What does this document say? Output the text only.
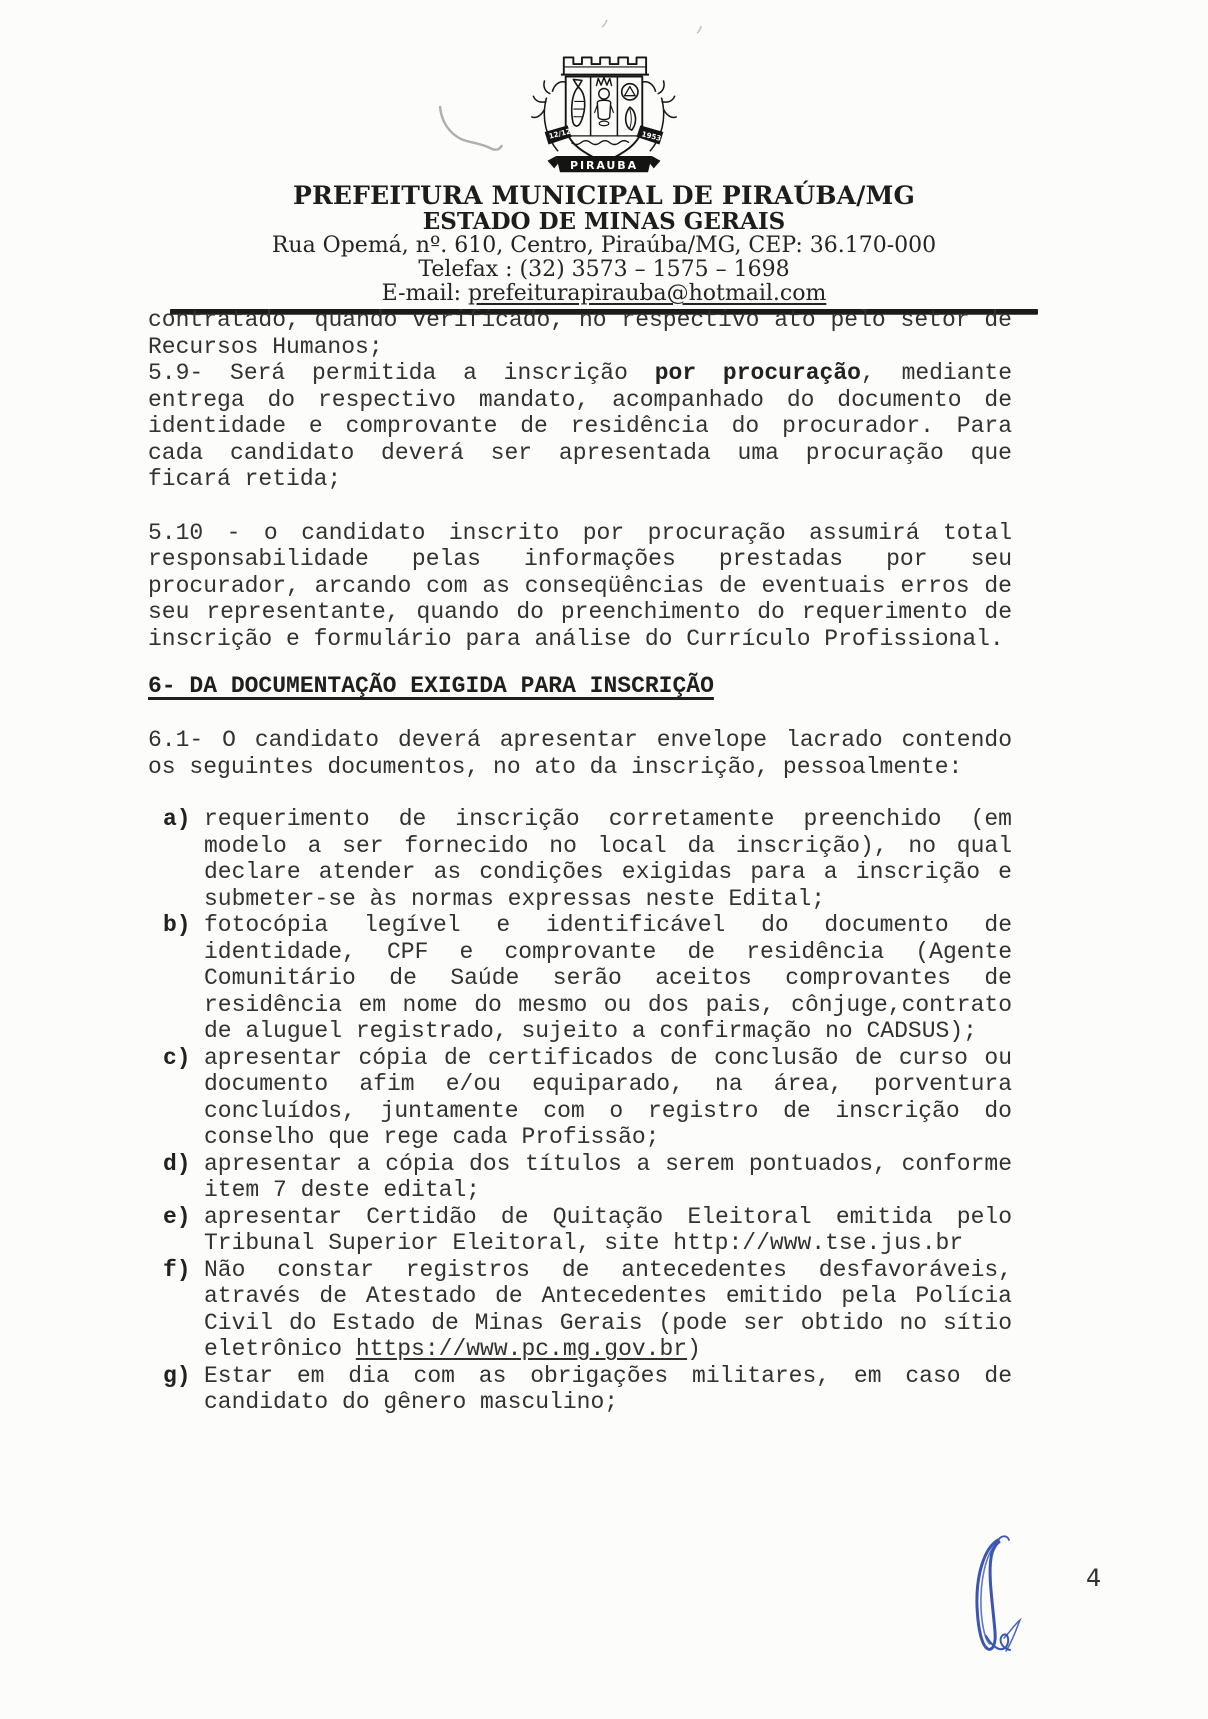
12/12	1953
PIRAUBA
PREFEITURA MUNICIPAL DE PIRAÚBA/MG
ESTADO DE MINAS GERAIS
Rua Opemá, nº. 610, Centro, Piraúba/MG, CEP: 36.170-000
Telefax : (32) 3573 – 1575 – 1698
E-mail: prefeiturapirauba@hotmail.com

contratado, quando verificado, no respectivo ato pelo setor de Recursos Humanos;

5.9- Será permitida a inscrição por procuração, mediante entrega do respectivo mandato, acompanhado do documento de identidade e comprovante de residência do procurador. Para cada candidato deverá ser apresentada uma procuração que ficará retida;

5.10 - o candidato inscrito por procuração assumirá total responsabilidade pelas informações prestadas por seu procurador, arcando com as conseqüências de eventuais erros de seu representante, quando do preenchimento do requerimento de inscrição e formulário para análise do Currículo Profissional.

6- DA DOCUMENTAÇÃO EXIGIDA PARA INSCRIÇÃO

6.1- O candidato deverá apresentar envelope lacrado contendo os seguintes documentos, no ato da inscrição, pessoalmente:

a) requerimento de inscrição corretamente preenchido (em modelo a ser fornecido no local da inscrição), no qual declare atender as condições exigidas para a inscrição e submeter-se às normas expressas neste Edital;
b) fotocópia legível e identificável do documento de identidade, CPF e comprovante de residência (Agente Comunitário de Saúde serão aceitos comprovantes de residência em nome do mesmo ou dos pais, cônjuge,contrato de aluguel registrado, sujeito a confirmação no CADSUS);
c) apresentar cópia de certificados de conclusão de curso ou documento afim e/ou equiparado, na área, porventura concluídos, juntamente com o registro de inscrição do conselho que rege cada Profissão;
d) apresentar a cópia dos títulos a serem pontuados, conforme item 7 deste edital;
e) apresentar Certidão de Quitação Eleitoral emitida pelo Tribunal Superior Eleitoral, site http://www.tse.jus.br
f) Não constar registros de antecedentes desfavoráveis, através de Atestado de Antecedentes emitido pela Polícia Civil do Estado de Minas Gerais (pode ser obtido no sítio eletrônico https://www.pc.mg.gov.br)
g) Estar em dia com as obrigações militares, em caso de candidato do gênero masculino;
4
